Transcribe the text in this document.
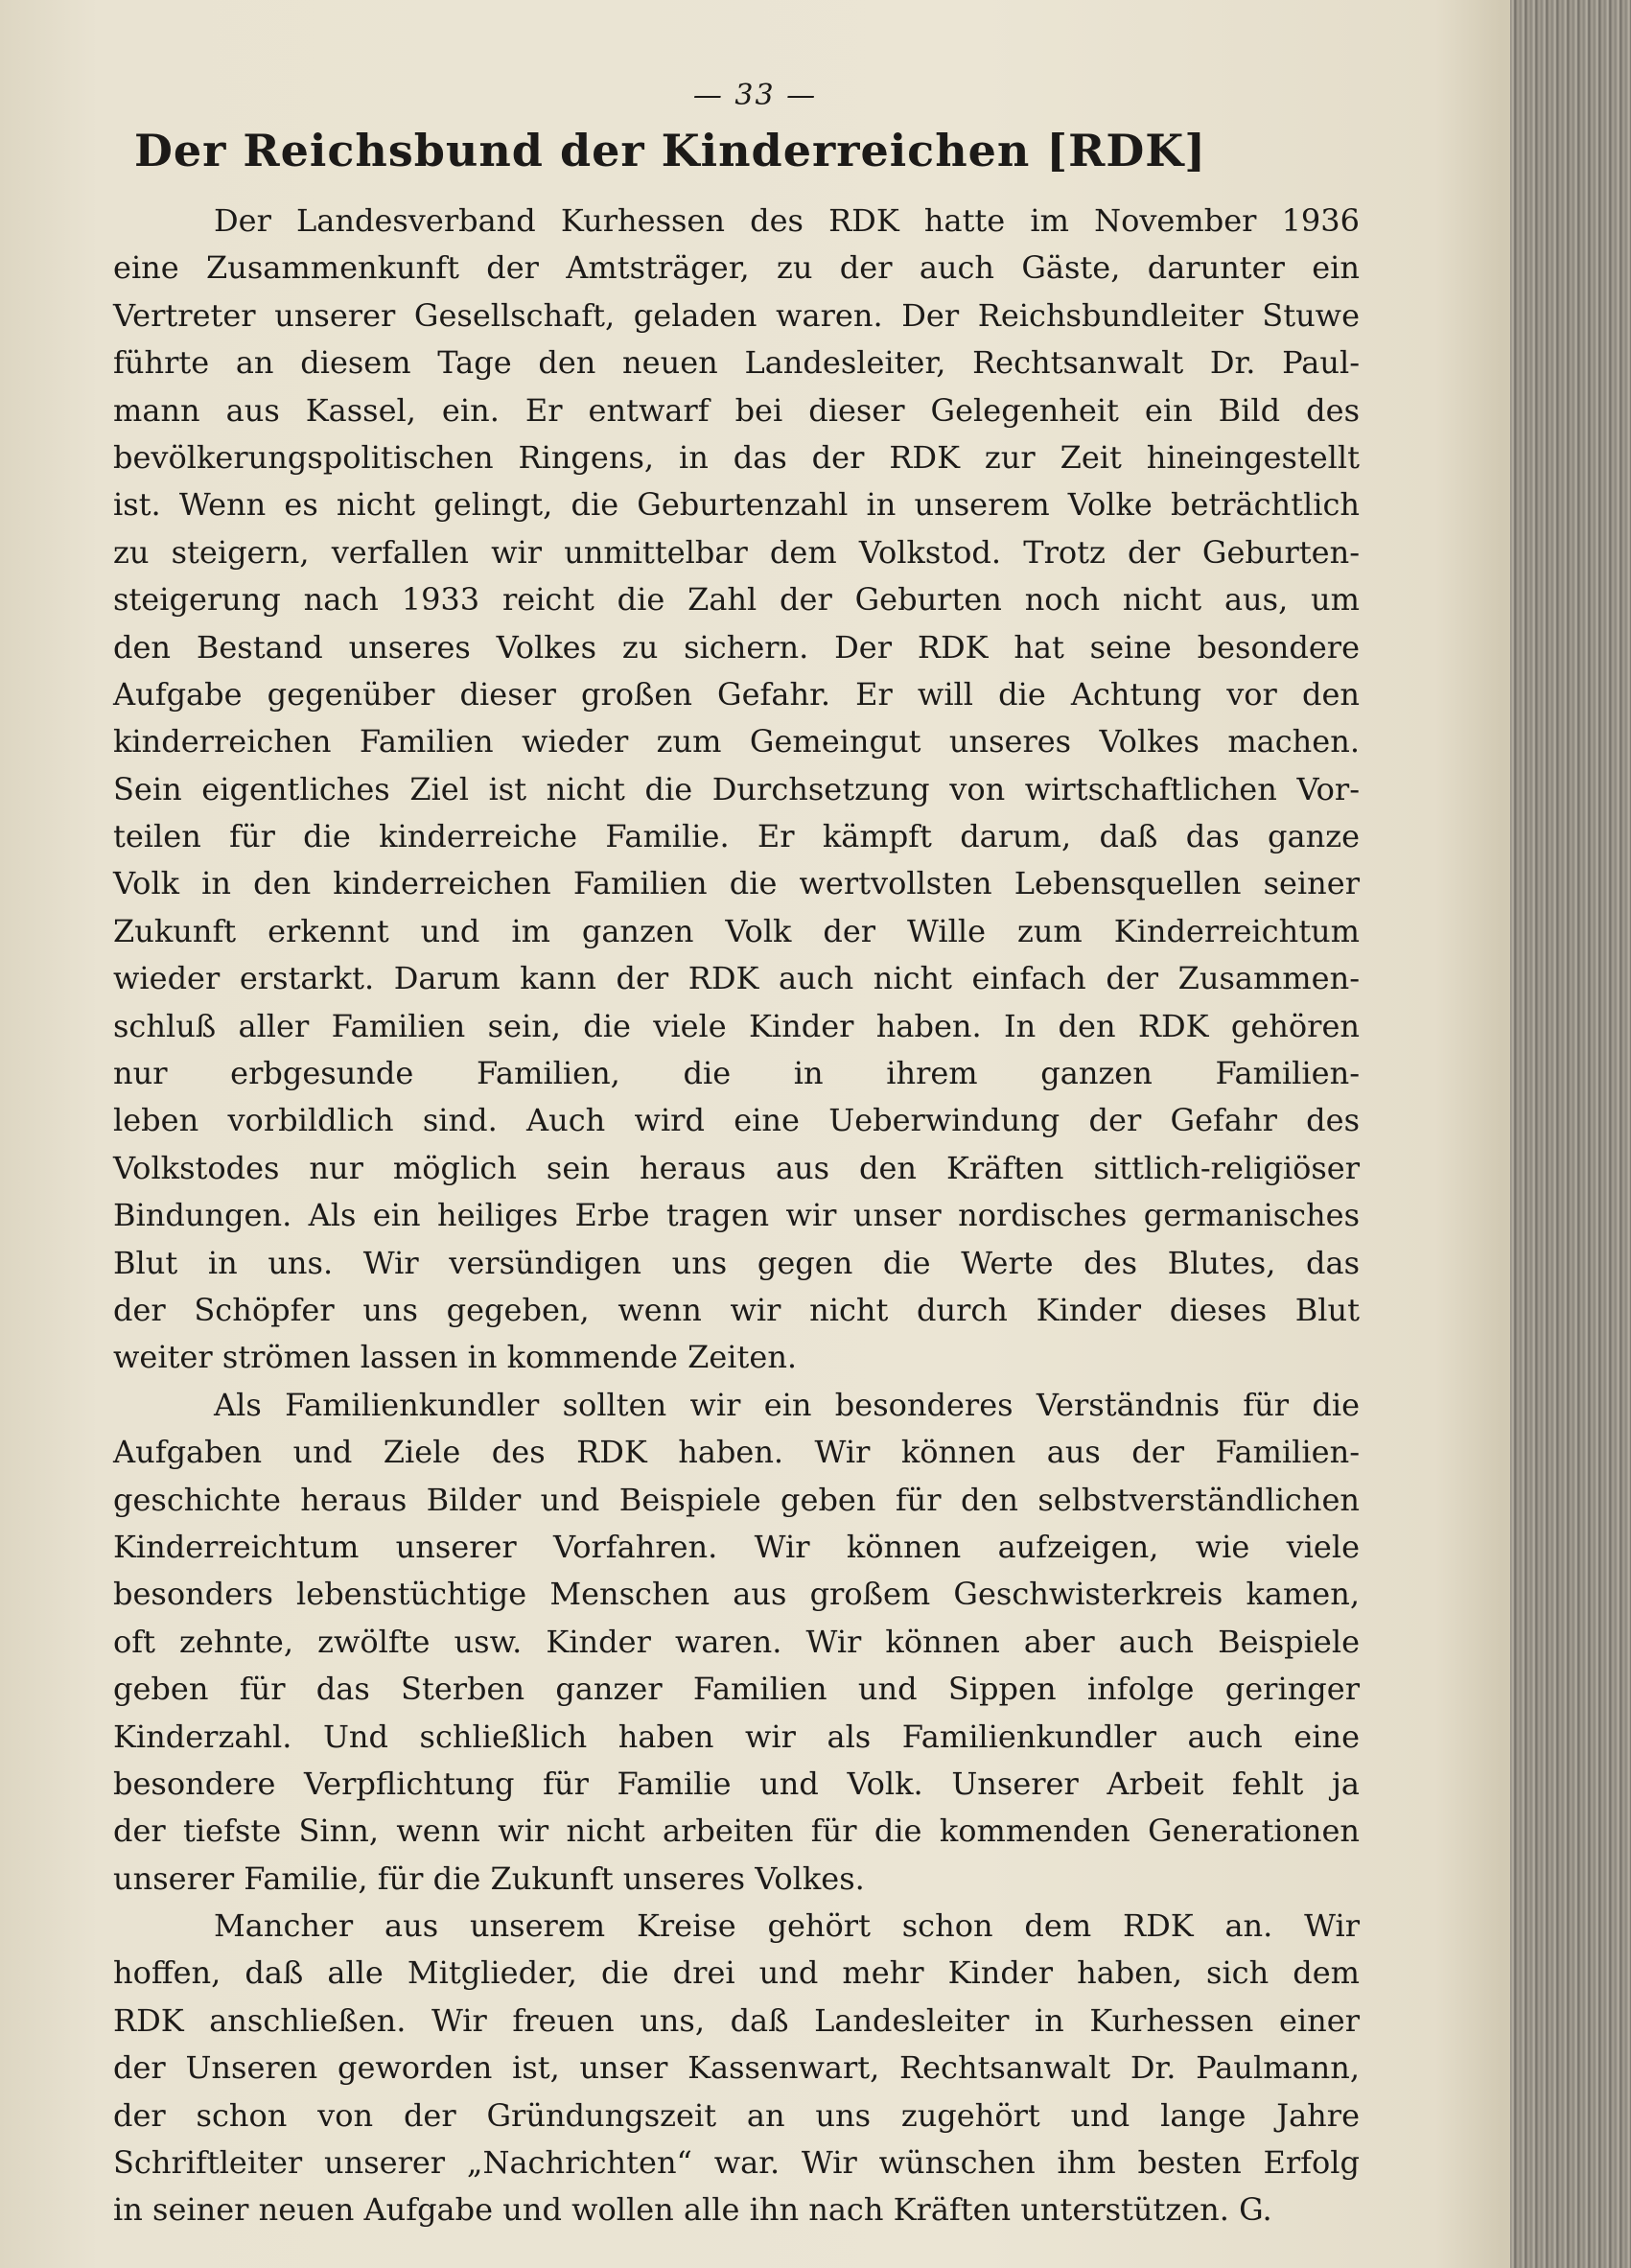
— 33 —
Der Reichsbund der Kinderreichen [RDK]
Der Landesverband Kurhessen des RDK hatte im November 1936
eine Zusammenkunft der Amtsträger, zu der auch Gäste, darunter ein
Vertreter unserer Gesellschaft, geladen waren. Der Reichsbundleiter Stuwe
führte an diesem Tage den neuen Landesleiter, Rechtsanwalt Dr. Paul-
mann aus Kassel, ein. Er entwarf bei dieser Gelegenheit ein Bild des
bevölkerungspolitischen Ringens, in das der RDK zur Zeit hineingestellt
ist. Wenn es nicht gelingt, die Geburtenzahl in unserem Volke beträchtlich
zu steigern, verfallen wir unmittelbar dem Volkstod. Trotz der Geburten-
steigerung nach 1933 reicht die Zahl der Geburten noch nicht aus, um
den Bestand unseres Volkes zu sichern. Der RDK hat seine besondere
Aufgabe gegenüber dieser großen Gefahr. Er will die Achtung vor den
kinderreichen Familien wieder zum Gemeingut unseres Volkes machen.
Sein eigentliches Ziel ist nicht die Durchsetzung von wirtschaftlichen Vor-
teilen für die kinderreiche Familie. Er kämpft darum, daß das ganze
Volk in den kinderreichen Familien die wertvollsten Lebensquellen seiner
Zukunft erkennt und im ganzen Volk der Wille zum Kinderreichtum
wieder erstarkt. Darum kann der RDK auch nicht einfach der Zusammen-
schluß aller Familien sein, die viele Kinder haben. In den RDK gehören
nur erbgesunde Familien, die in ihrem ganzen Familien-
leben vorbildlich sind. Auch wird eine Ueberwindung der Gefahr des
Volkstodes nur möglich sein heraus aus den Kräften sittlich-religiöser
Bindungen. Als ein heiliges Erbe tragen wir unser nordisches germanisches
Blut in uns. Wir versündigen uns gegen die Werte des Blutes, das
der Schöpfer uns gegeben, wenn wir nicht durch Kinder dieses Blut
weiter strömen lassen in kommende Zeiten.
Als Familienkundler sollten wir ein besonderes Verständnis für die
Aufgaben und Ziele des RDK haben. Wir können aus der Familien-
geschichte heraus Bilder und Beispiele geben für den selbstverständlichen
Kinderreichtum unserer Vorfahren. Wir können aufzeigen, wie viele
besonders lebenstüchtige Menschen aus großem Geschwisterkreis kamen,
oft zehnte, zwölfte usw. Kinder waren. Wir können aber auch Beispiele
geben für das Sterben ganzer Familien und Sippen infolge geringer
Kinderzahl. Und schließlich haben wir als Familienkundler auch eine
besondere Verpflichtung für Familie und Volk. Unserer Arbeit fehlt ja
der tiefste Sinn, wenn wir nicht arbeiten für die kommenden Generationen
unserer Familie, für die Zukunft unseres Volkes.
Mancher aus unserem Kreise gehört schon dem RDK an. Wir
hoffen, daß alle Mitglieder, die drei und mehr Kinder haben, sich dem
RDK anschließen. Wir freuen uns, daß Landesleiter in Kurhessen einer
der Unseren geworden ist, unser Kassenwart, Rechtsanwalt Dr. Paulmann,
der schon von der Gründungszeit an uns zugehört und lange Jahre
Schriftleiter unserer „Nachrichten“ war. Wir wünschen ihm besten Erfolg
in seiner neuen Aufgabe und wollen alle ihn nach Kräften unterstützen. G.
